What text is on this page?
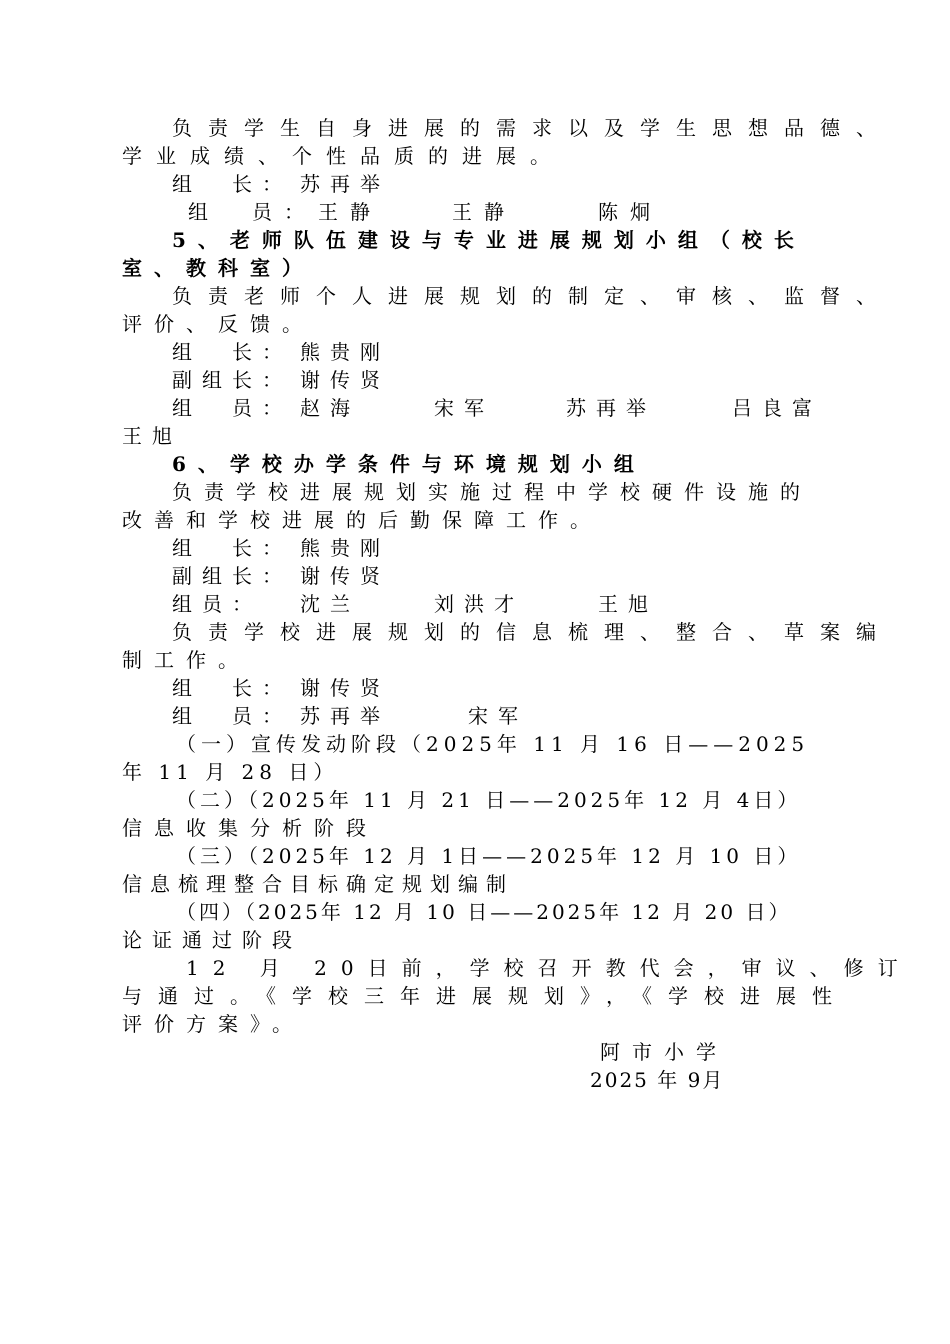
负责学生自身进展的需求以及学生思想品德、
学业成绩、个性品质的进展。

组　长：

苏再举

组　员：

王静

	王静

	陈炯

5、老师队伍建设与专业进展规划小组（校长
室、教科室）
负责老师个人进展规划的制定、审核、监督、
评价、反馈。

组　长：

熊贵刚

副组长：

谢传贤

组　员：

赵海

	宋军

	苏再举

	吕良富

王旭
6、学校办学条件与环境规划小组
负责学校进展规划实施过程中学校硬件设施的
改善和学校进展的后勤保障工作。

组　长：

熊贵刚

副组长：

谢传贤

组员：

沈兰

	刘洪才

	王旭

负责学校进展规划的信息梳理、整合、草案编
制工作。

组　长：

谢传贤

组　员：

苏再举

	宋军

（一）宣传发动阶段（2025年 11 月 16 日——2025
年 11 月 28 日）
（二）（2025年 11 月 21 日——2025年 12 月 4日）
信息收集分析阶段
（三）（2025年 12 月 1日——2025年 12 月 10 日）
信息梳理整合目标确定规划编制
（四）（2025年 12 月 10 日——2025年 12 月 20 日）
论证通过阶段
12 月 20日前，学校召开教代会，审议、修订
与通过。《学校三年进展规划》，《学校进展性
评价方案》。
阿市小学
2025 年 9月
